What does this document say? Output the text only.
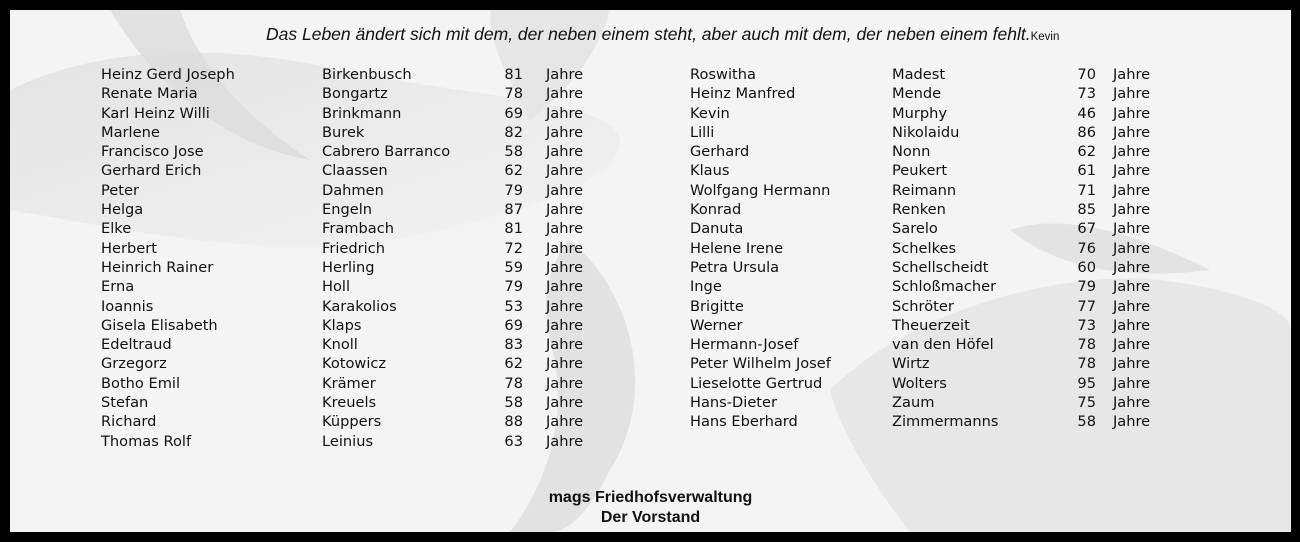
Das Leben ändert sich mit dem, der neben einem steht, aber auch mit dem, der neben einem fehlt.Kevin
Heinz Gerd Joseph	Birkenbusch	81 Jahre
Renate Maria	Bongartz	78 Jahre
Karl Heinz Willi	Brinkmann	69 Jahre
Marlene	Burek	82 Jahre
Francisco Jose	Cabrero Barranco	58 Jahre
Gerhard Erich	Claassen	62 Jahre
Peter	Dahmen	79 Jahre
Helga	Engeln	87 Jahre
Elke	Frambach	81 Jahre
Herbert	Friedrich	72 Jahre
Heinrich Rainer	Herling	59 Jahre
Erna	Holl	79 Jahre
Ioannis	Karakolios	53 Jahre
Gisela Elisabeth	Klaps	69 Jahre
Edeltraud	Knoll	83 Jahre
Grzegorz	Kotowicz	62 Jahre
Botho Emil	Krämer	78 Jahre
Stefan	Kreuels	58 Jahre
Richard	Küppers	88 Jahre
Thomas Rolf	Leinius	63 Jahre
Roswitha	Madest	70 Jahre
Heinz Manfred	Mende	73 Jahre
Kevin	Murphy	46 Jahre
Lilli	Nikolaidu	86 Jahre
Gerhard	Nonn	62 Jahre
Klaus	Peukert	61 Jahre
Wolfgang Hermann	Reimann	71 Jahre
Konrad	Renken	85 Jahre
Danuta	Sarelo	67 Jahre
Helene Irene	Schelkes	76 Jahre
Petra Ursula	Schellscheidt	60 Jahre
Inge	Schloßmacher	79 Jahre
Brigitte	Schröter	77 Jahre
Werner	Theuerzeit	73 Jahre
Hermann-Josef	van den Höfel	78 Jahre
Peter Wilhelm Josef	Wirtz	78 Jahre
Lieselotte Gertrud	Wolters	95 Jahre
Hans-Dieter	Zaum	75 Jahre
Hans Eberhard	Zimmermanns	58 Jahre
mags Friedhofsverwaltung
Der Vorstand
